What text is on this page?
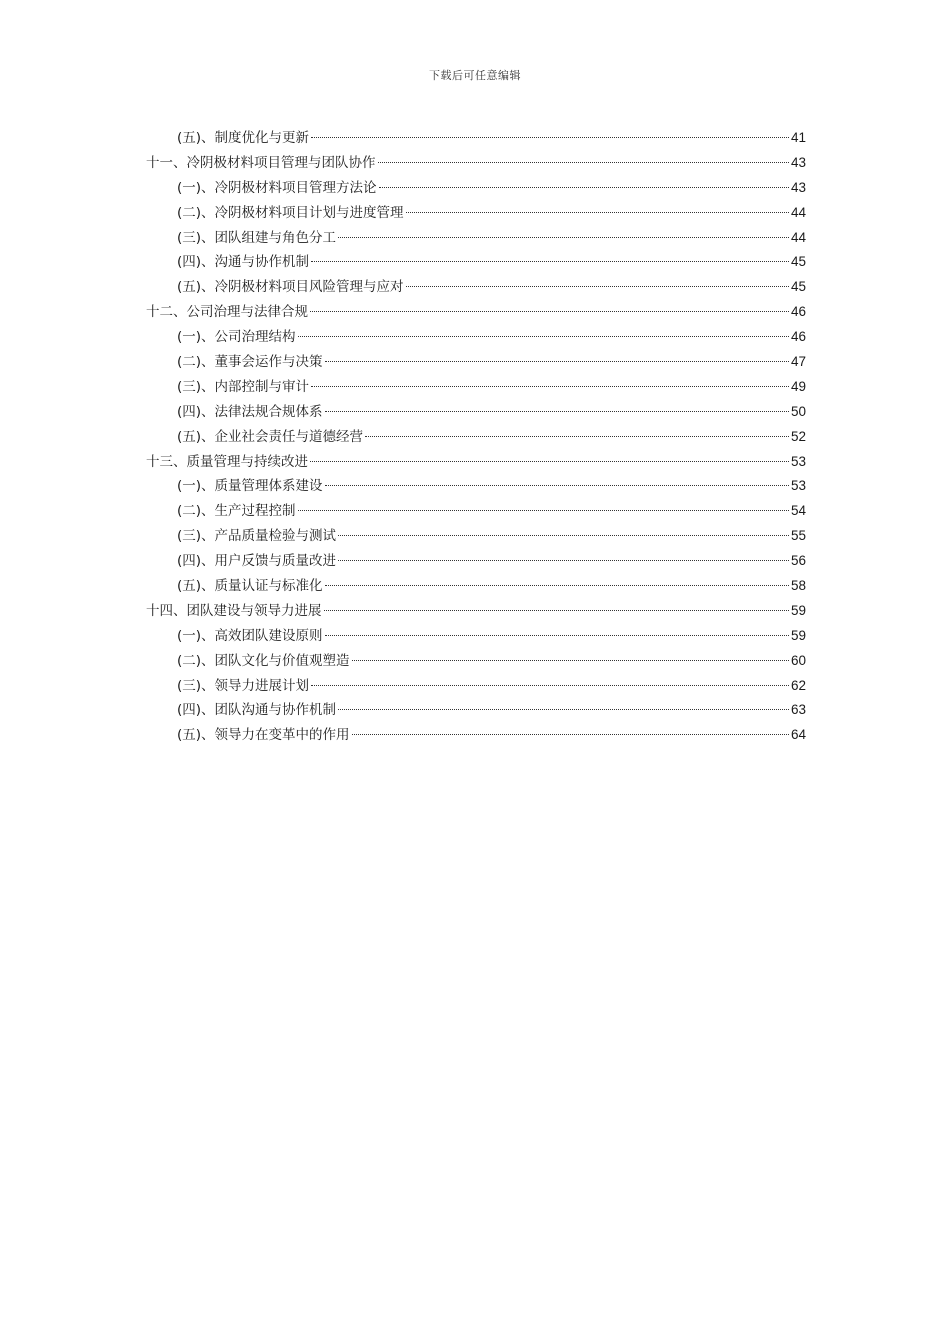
下载后可任意编辑
(五)、制度优化与更新	41
十一、冷阴极材料项目管理与团队协作	43
(一)、冷阴极材料项目管理方法论	43
(二)、冷阴极材料项目计划与进度管理	44
(三)、团队组建与角色分工	44
(四)、沟通与协作机制	45
(五)、冷阴极材料项目风险管理与应对	45
十二、公司治理与法律合规	46
(一)、公司治理结构	46
(二)、董事会运作与决策	47
(三)、内部控制与审计	49
(四)、法律法规合规体系	50
(五)、企业社会责任与道德经营	52
十三、质量管理与持续改进	53
(一)、质量管理体系建设	53
(二)、生产过程控制	54
(三)、产品质量检验与测试	55
(四)、用户反馈与质量改进	56
(五)、质量认证与标准化	58
十四、团队建设与领导力进展	59
(一)、高效团队建设原则	59
(二)、团队文化与价值观塑造	60
(三)、领导力进展计划	62
(四)、团队沟通与协作机制	63
(五)、领导力在变革中的作用	64
